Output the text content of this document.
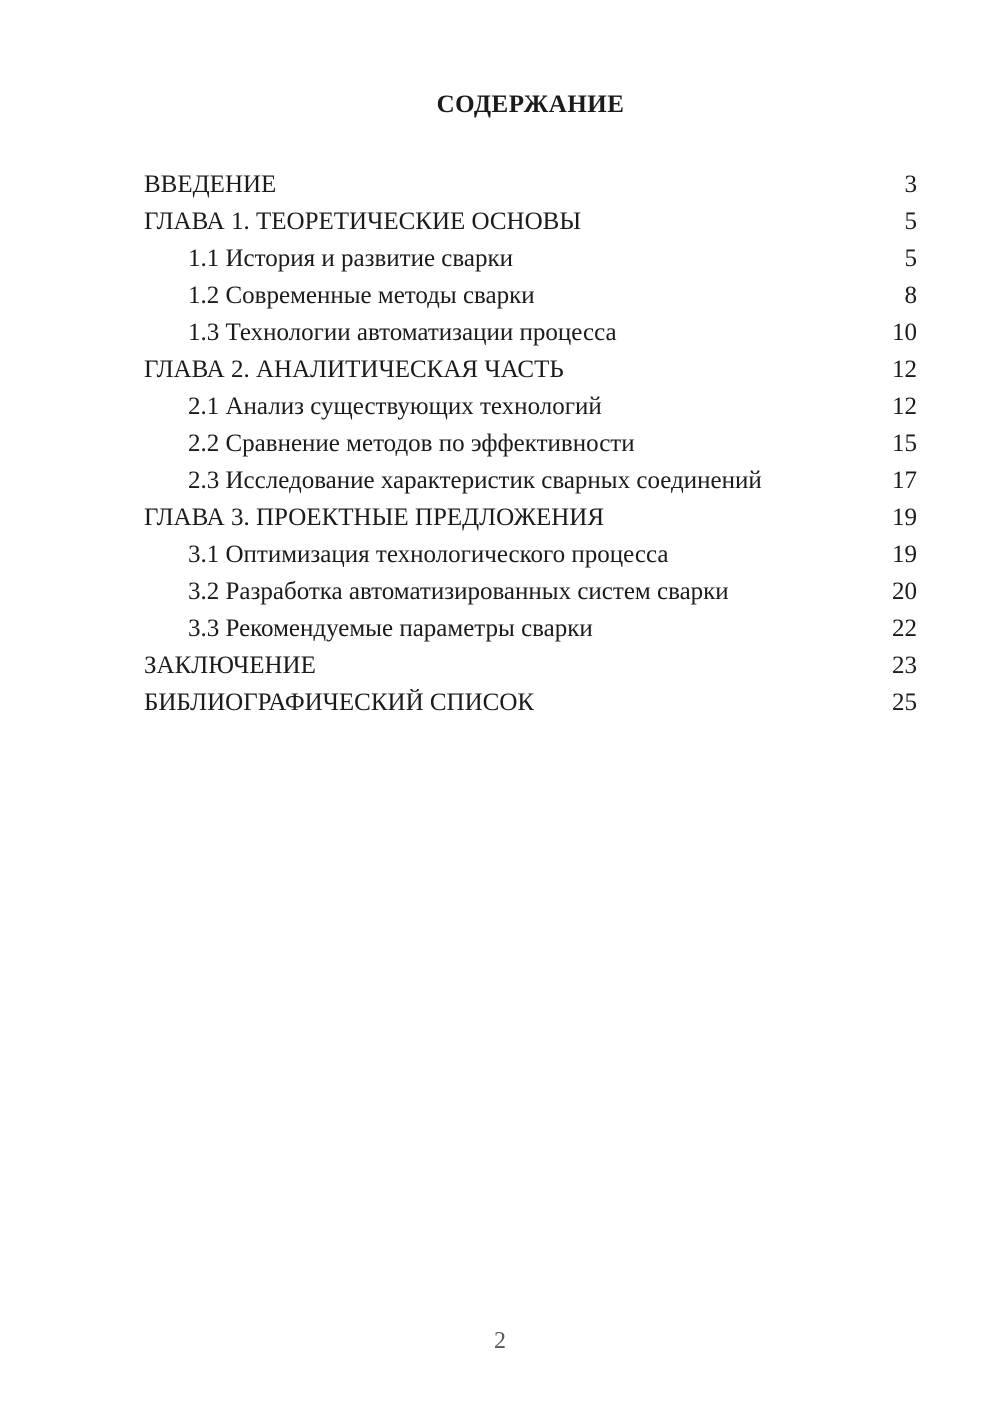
СОДЕРЖАНИЕ
ВВЕДЕНИЕ	3
ГЛАВА 1. ТЕОРЕТИЧЕСКИЕ ОСНОВЫ	5
1.1 История и развитие сварки	5
1.2 Современные методы сварки	8
1.3 Технологии автоматизации процесса	10
ГЛАВА 2. АНАЛИТИЧЕСКАЯ ЧАСТЬ	12
2.1 Анализ существующих технологий	12
2.2 Сравнение методов по эффективности	15
2.3 Исследование характеристик сварных соединений	17
ГЛАВА 3. ПРОЕКТНЫЕ ПРЕДЛОЖЕНИЯ	19
3.1 Оптимизация технологического процесса	19
3.2 Разработка автоматизированных систем сварки	20
3.3 Рекомендуемые параметры сварки	22
ЗАКЛЮЧЕНИЕ	23
БИБЛИОГРАФИЧЕСКИЙ СПИСОК	25
2
